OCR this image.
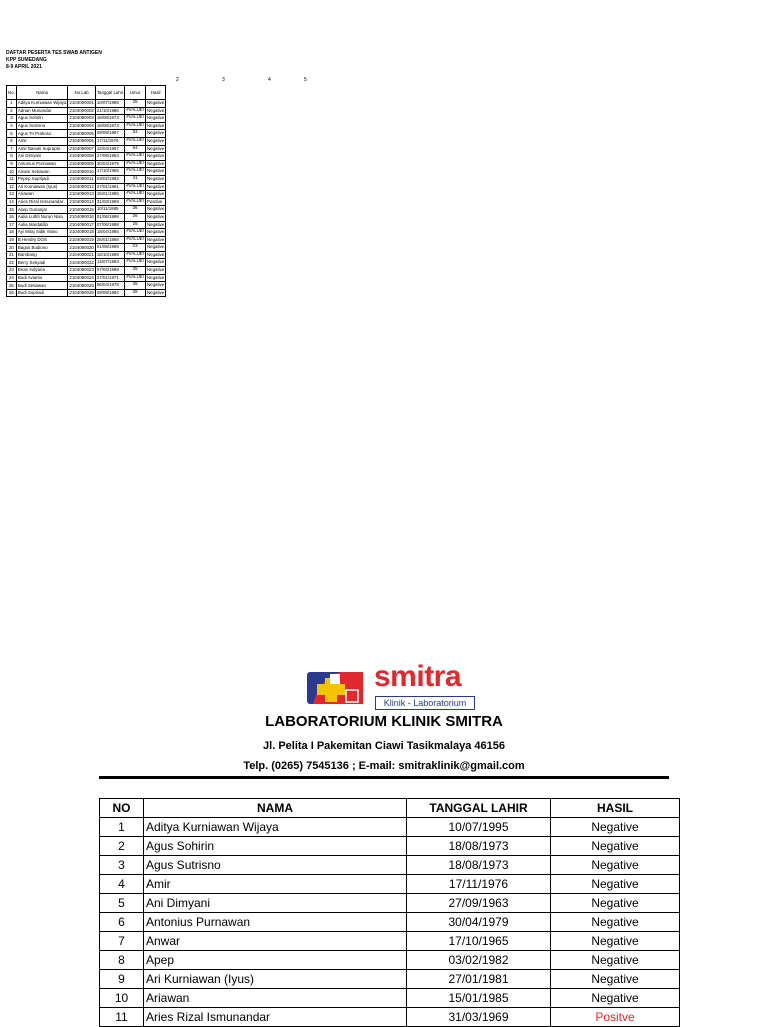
DAFTAR PESERTA TES SWAB ANTIGEN
KPP SUMEDANG
8-9 APRIL 2021
2	3	4	5
No.	Nama	No Lab	Tanggal Lahir	Umur	Hasil
1	Aditya Kurniawan Wijaya	2104090001	10/07/1995	26	Negative
2	Adnan Munandar	2104090002	21/10/1986	#VALUE!	Negative
3	Agus Sohirin	2104090003	18/08/1973	#VALUE!	Negative
4	Agus Sutrisno	2104090004	18/08/1973	#VALUE!	Negative
5	Agus Tri Prakoso	2104090005	09/09/1987	34	Negative
6	Amir	2104090006	17/11/1976	#VALUE!	Negative
7	Amir Basuki Suprapto	2104090007	12/04/1967	54	Negative
8	Ani Dimyani	2104090008	27/09/1963	#VALUE!	Negative
9	Antonius Purnawan	2104090009	30/04/1979	#VALUE!	Negative
10	Anwar Setiawan	2104090010	17/10/1965	#VALUE!	Negative
11	Pepep Suprijadi	2104090011	03/02/1982	41	Negative
12	Ari Kurniawan (Iyus)	2104090012	27/01/1981	#VALUE!	Negative
13	Ariawan	2104090013	15/01/1985	#VALUE!	Negative
14	Aries Rizal Ismunandar	2104090014	31/03/1969	#VALUE!	Positive
15	Asep Gunanjar	2104090015	10/11/1985	36	Negative
16	Aulia Luthfi Nurun Nisa	2104090016	01/06/1998	26	Negative
17	Aulia Mardatilla	2104090017	07/06/1998	25	Negative
18	Ayi Miraj Sidik Yatno	2104090018	18/04/1985	#VALUE!	Negative
19	B Hendry DOS	2104090019	26/01/1968	#VALUE!	Negative
20	Bagus Budiono	2104090020	01/08/1999	23	Negative
21	Bambang	2104090021	18/10/1999	#VALUE!	Negative
22	Berry Setiyadi	2104090022	13/07/1983	#VALUE!	Negative
23	Brian Indyana	2104090023	07/03/1988	35	Negative
24	Budi Avianto	2104090024	27/01/1971	#VALUE!	Negative
25	Budi Setiawan	2104090025	06/04/1978	45	Negative
26	Budi Supriadi	2104090026	09/09/1984	39	Negative
smitra
Klinik - Laboratorium
LABORATORIUM KLINIK SMITRA
Jl. Pelita I Pakemitan Ciawi Tasikmalaya 46156
Telp. (0265) 7545136 ; E-mail: smitraklinik@gmail.com
NO	NAMA	TANGGAL LAHIR	HASIL
1	Aditya Kurniawan Wijaya	10/07/1995	Negative
2	Agus Sohirin	18/08/1973	Negative
3	Agus Sutrisno	18/08/1973	Negative
4	Amir	17/11/1976	Negative
5	Ani Dimyani	27/09/1963	Negative
6	Antonius Purnawan	30/04/1979	Negative
7	Anwar	17/10/1965	Negative
8	Apep	03/02/1982	Negative
9	Ari Kurniawan (Iyus)	27/01/1981	Negative
10	Ariawan	15/01/1985	Negative
11	Aries Rizal Ismunandar	31/03/1969	Positve
